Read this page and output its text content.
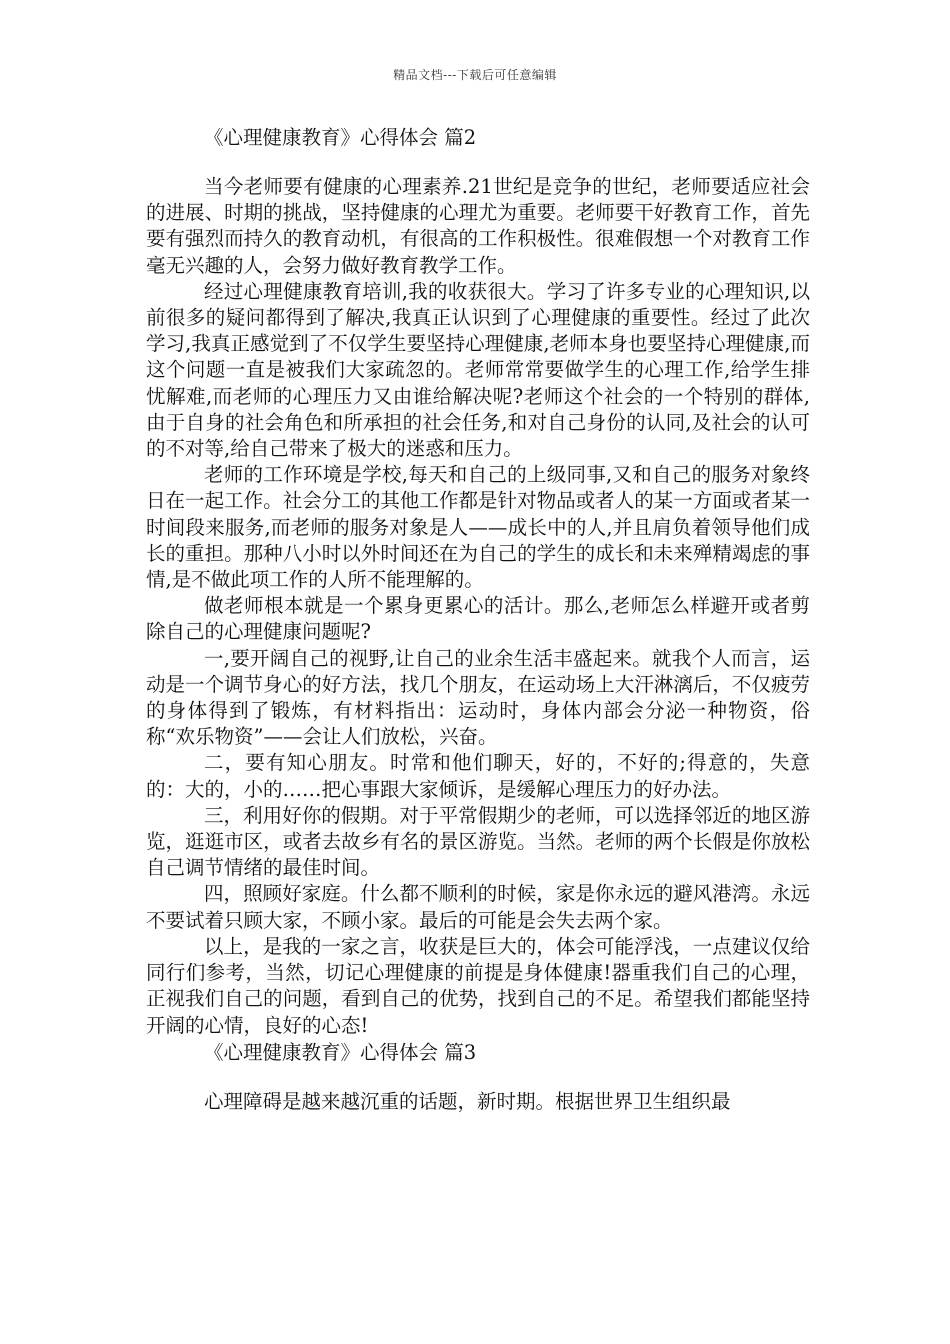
精品文档---下载后可任意编辑
《心理健康教育》心得体会 篇2

当今老师要有健康的心理素养.21世纪是竞争的世纪，老师要适应社会的进展、时期的挑战，坚持健康的心理尤为重要。老师要干好教育工作，首先要有强烈而持久的教育动机，有很高的工作积极性。很难假想一个对教育工作毫无兴趣的人，会努力做好教育教学工作。

经过心理健康教育培训,我的收获很大。学习了许多专业的心理知识,以前很多的疑问都得到了解决,我真正认识到了心理健康的重要性。经过了此次学习,我真正感觉到了不仅学生要坚持心理健康,老师本身也要坚持心理健康,而这个问题一直是被我们大家疏忽的。老师常常要做学生的心理工作,给学生排忧解难,而老师的心理压力又由谁给解决呢?老师这个社会的一个特别的群体,由于自身的社会角色和所承担的社会任务,和对自己身份的认同,及社会的认可的不对等,给自己带来了极大的迷惑和压力。

老师的工作环境是学校,每天和自己的上级同事,又和自己的服务对象终日在一起工作。社会分工的其他工作都是针对物品或者人的某一方面或者某一时间段来服务,而老师的服务对象是人——成长中的人,并且肩负着领导他们成长的重担。那种八小时以外时间还在为自己的学生的成长和未来殚精竭虑的事情,是不做此项工作的人所不能理解的。

做老师根本就是一个累身更累心的活计。那么,老师怎么样避开或者剪除自己的心理健康问题呢?

一,要开阔自己的视野,让自己的业余生活丰盛起来。就我个人而言，运动是一个调节身心的好方法，找几个朋友，在运动场上大汗淋漓后，不仅疲劳的身体得到了锻炼，有材料指出：运动时，身体内部会分泌一种物资，俗称“欢乐物资”——会让人们放松，兴奋。

二，要有知心朋友。时常和他们聊天，好的，不好的;得意的，失意的：大的，小的……把心事跟大家倾诉，是缓解心理压力的好办法。

三，利用好你的假期。对于平常假期少的老师，可以选择邻近的地区游览，逛逛市区，或者去故乡有名的景区游览。当然。老师的两个长假是你放松自己调节情绪的最佳时间。

四，照顾好家庭。什么都不顺利的时候，家是你永远的避风港湾。永远不要试着只顾大家，不顾小家。最后的可能是会失去两个家。

以上，是我的一家之言，收获是巨大的，体会可能浮浅，一点建议仅给同行们参考，当然，切记心理健康的前提是身体健康!器重我们自己的心理，正视我们自己的问题，看到自己的优势，找到自己的不足。希望我们都能坚持开阔的心情，良好的心态!

《心理健康教育》心得体会 篇3

心理障碍是越来越沉重的话题，新时期。根据世界卫生组织最
